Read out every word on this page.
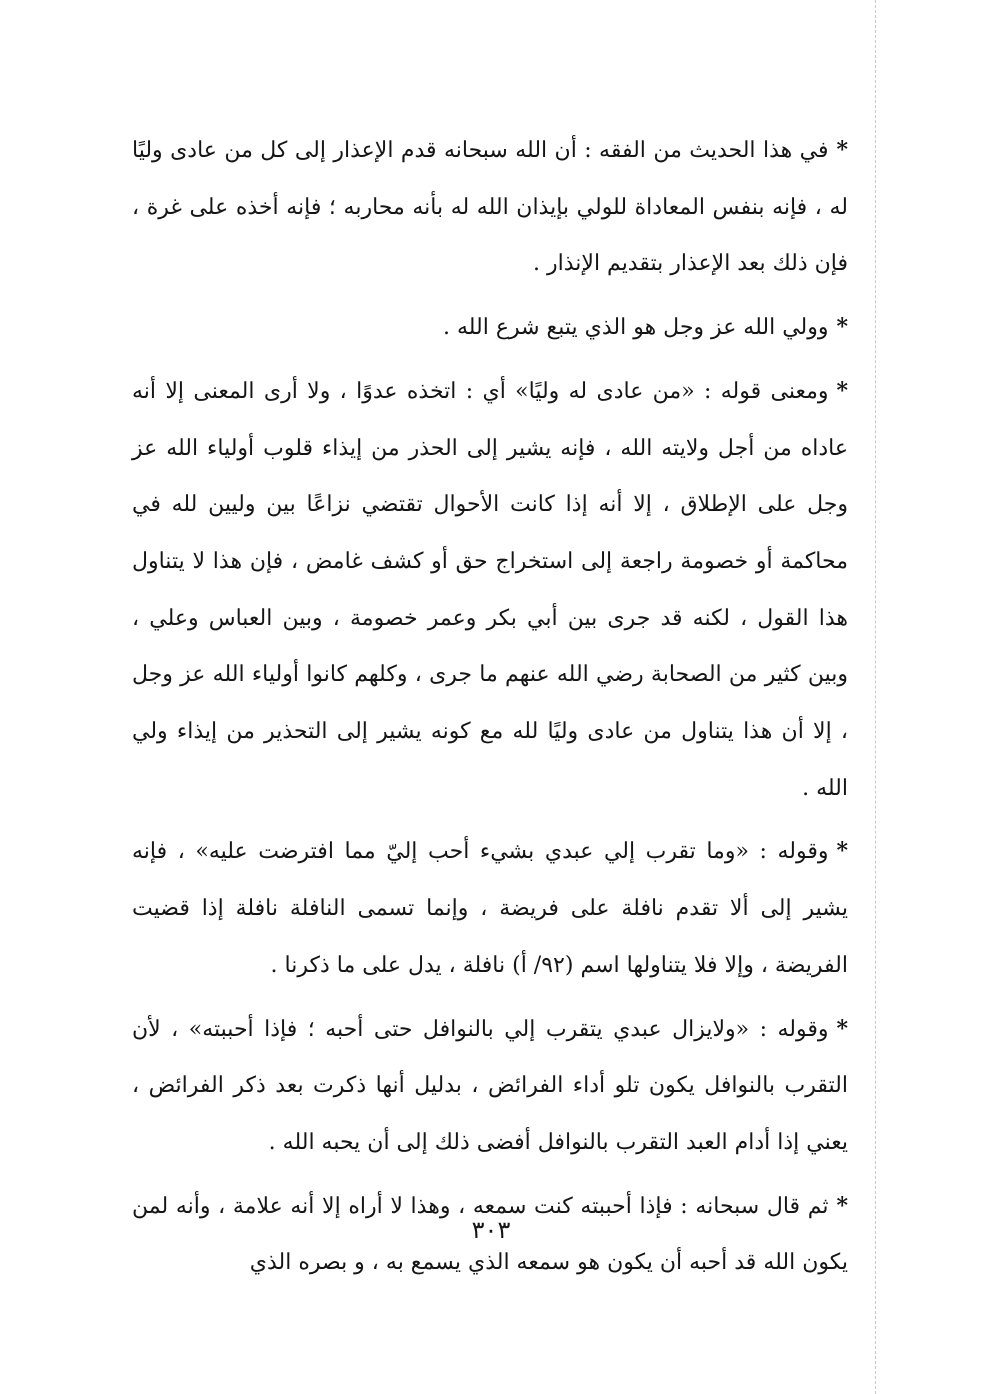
*في هذا الحديث من الفقه : أن الله سبحانه قدم الإعذار إلى كل من عادى وليًا له ، فإنه بنفس المعاداة للولي بإيذان الله له بأنه محاربه ؛ فإنه أخذه على غرة ، فإن ذلك بعد الإعذار بتقديم الإنذار .

*وولي الله عز وجل هو الذي يتبع شرع الله .

*ومعنى قوله : «من عادى له وليًا» أي : اتخذه عدوًا ، ولا أرى المعنى إلا أنه عاداه من أجل ولايته الله ، فإنه يشير إلى الحذر من إيذاء قلوب أولياء الله عز وجل على الإطلاق ، إلا أنه إذا كانت الأحوال تقتضي نزاعًا بين وليين لله في محاكمة أو خصومة راجعة إلى استخراج حق أو كشف غامض ، فإن هذا لا يتناول هذا القول ، لكنه قد جرى بين أبي بكر وعمر خصومة ، وبين العباس وعلي ، وبين كثير من الصحابة رضي الله عنهم ما جرى ، وكلهم كانوا أولياء الله عز وجل ، إلا أن هذا يتناول من عادى وليًا لله مع كونه يشير إلى التحذير من إيذاء ولي الله .

*وقوله : «وما تقرب إلي عبدي بشيء أحب إليّ مما افترضت عليه» ، فإنه يشير إلى ألا تقدم نافلة على فريضة ، وإنما تسمى النافلة نافلة إذا قضيت الفريضة ، وإلا فلا يتناولها اسم (٩٢/ أ) نافلة ، يدل على ما ذكرنا .

*وقوله : «ولايزال عبدي يتقرب إلي بالنوافل حتى أحبه ؛ فإذا أحببته» ، لأن التقرب بالنوافل يكون تلو أداء الفرائض ، بدليل أنها ذكرت بعد ذكر الفرائض ، يعني إذا أدام العبد التقرب بالنوافل أفضى ذلك إلى أن يحبه الله .

*ثم قال سبحانه : فإذا أحببته كنت سمعه ، وهذا لا أراه إلا أنه علامة ، وأنه لمن يكون الله قد أحبه أن يكون هو سمعه الذي يسمع به ، و بصره الذي

٣٠٣
